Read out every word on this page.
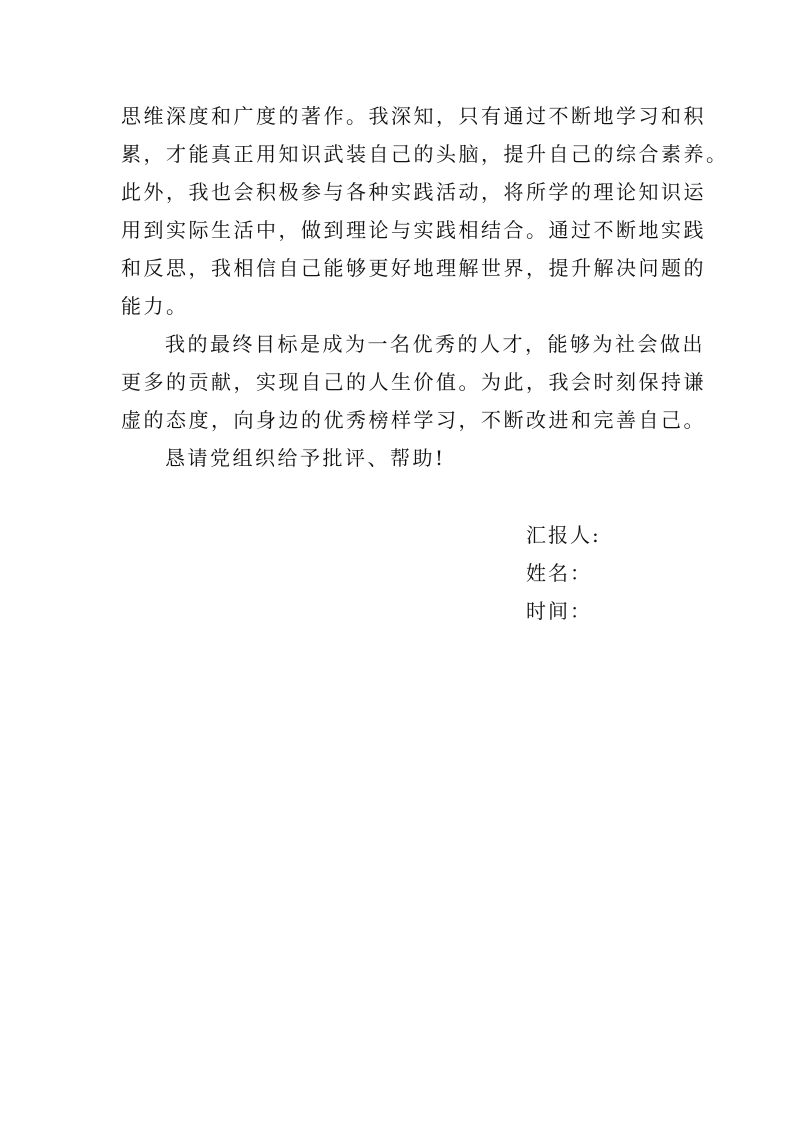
思维深度和广度的著作。我深知，只有通过不断地学习和积
累，才能真正用知识武装自己的头脑，提升自己的综合素养。
此外，我也会积极参与各种实践活动，将所学的理论知识运
用到实际生活中，做到理论与实践相结合。通过不断地实践
和反思，我相信自己能够更好地理解世界，提升解决问题的
能力。
我的最终目标是成为一名优秀的人才，能够为社会做出
更多的贡献，实现自己的人生价值。为此，我会时刻保持谦
虚的态度，向身边的优秀榜样学习，不断改进和完善自己。
恳请党组织给予批评、帮助!
汇报人:
姓名：
时间：
